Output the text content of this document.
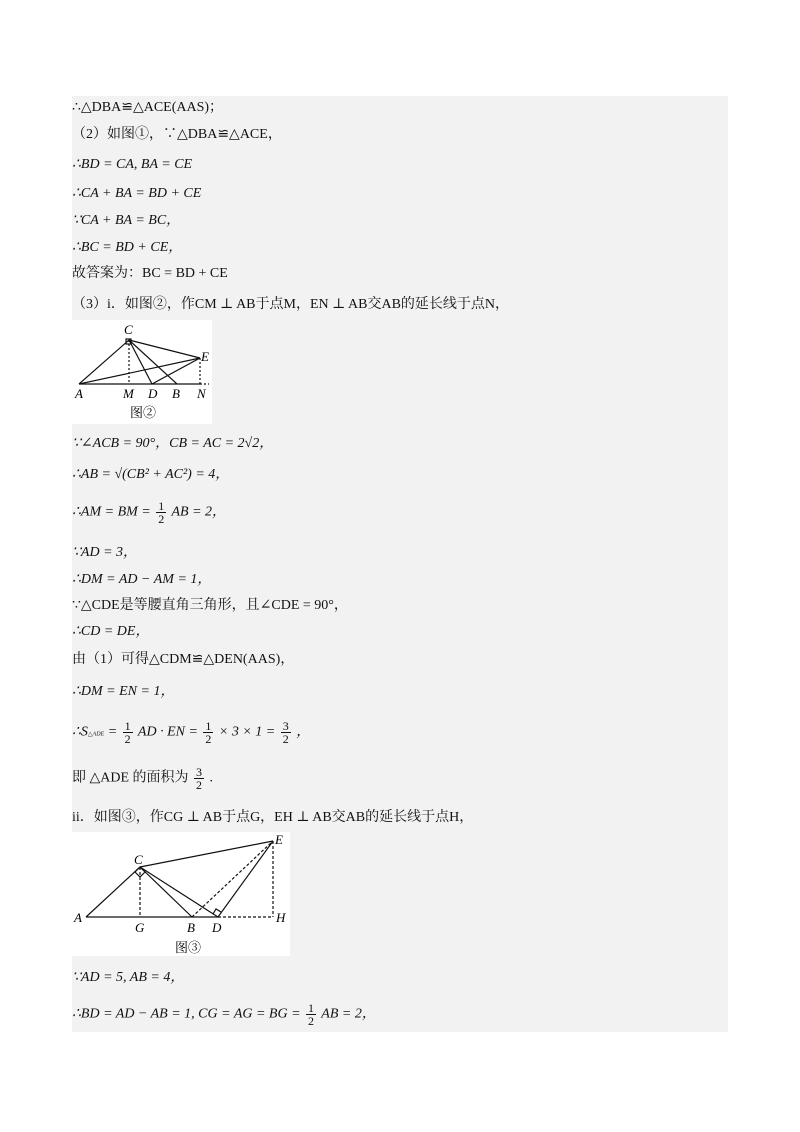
∴△DBA≌△ACE(AAS)；
（2）如图①，∵△DBA≌△ACE，
∴BD = CA, BA = CE
∴CA + BA = BD + CE
∵CA + BA = BC，
∴BC = BD + CE，
故答案为：BC = BD + CE
（3）i．如图②，作CM ⊥ AB于点M，EN ⊥ AB交AB的延长线于点N，
C
E
A	M D B N
图②
∵∠ACB = 90°，CB = AC = 2√2，
∴AB = √(CB² + AC²) = 4，
∴AM = BM = $\frac{1}{2}$ AB = 2，
∵AD = 3，
∴DM = AD − AM = 1，
∵△CDE是等腰直角三角形，且∠CDE = 90°，
∴CD = DE，
由（1）可得△CDM≌△DEN(AAS)，
∴DM = EN = 1，
∴S△ADE = $\frac{1}{2}$ AD · EN = $\frac{1}{2} \times 3 \times 1 = \frac{3}{2}$ ，
即 △ADE 的面积为 $\frac{3}{2}$ .
ii．如图③，作CG ⊥ AB于点G，EH ⊥ AB交AB的延长线于点H，
C
E
A
G	B D
H
图③
∵AD = 5, AB = 4，
∴BD = AD − AB = 1, CG = AG = BG = $\frac{1}{2}$ AB = 2，
